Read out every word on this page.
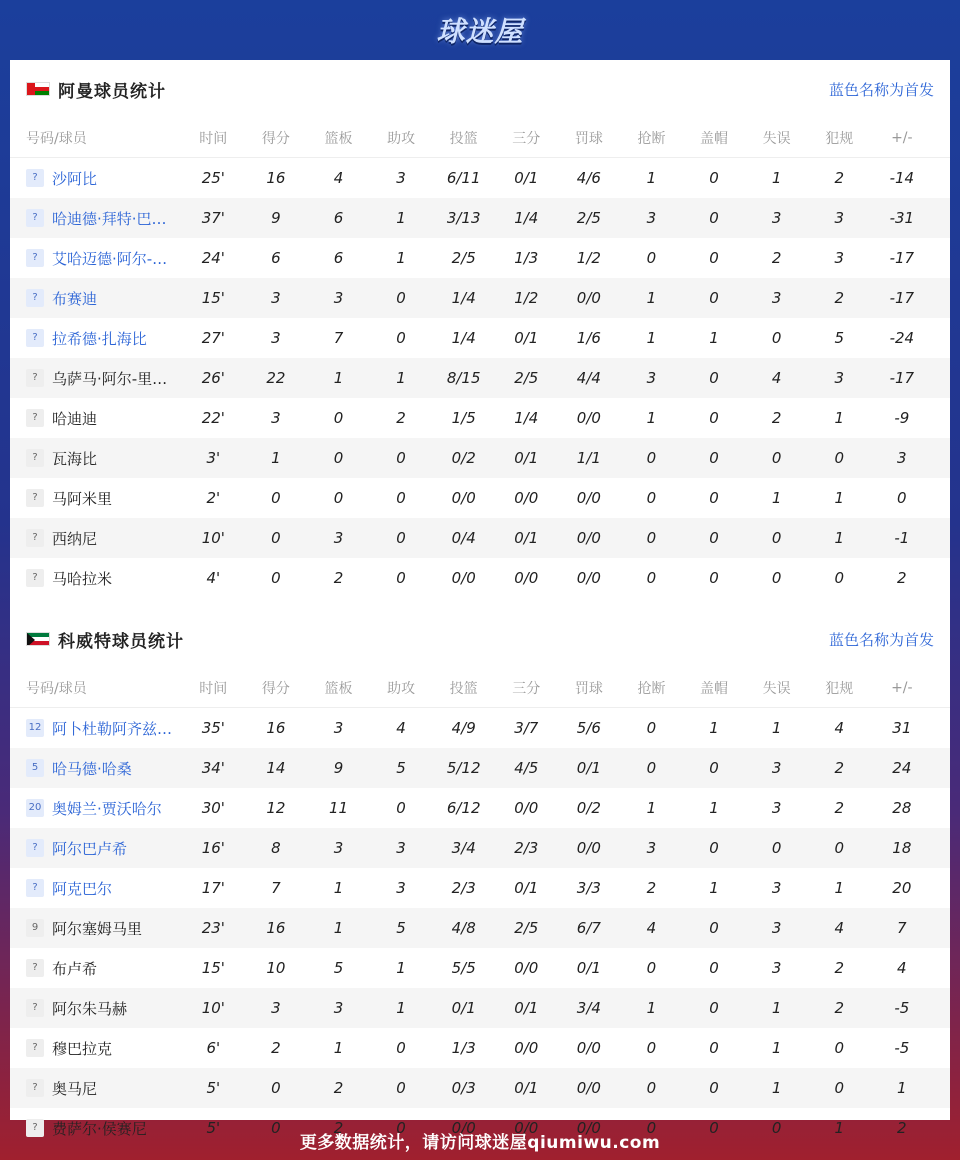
球迷屋
阿曼球员统计	蓝色名称为首发
号码/球员	时间	得分	篮板	助攻	投篮	三分	罚球	抢断	盖帽	失误	犯规	+/-
? 沙阿比	25'	16	4	3	6/11	0/1	4/6	1	0	1	2	-14
? 哈迪德·拜特·巴…	37'	9	6	1	3/13	1/4	2/5	3	0	3	3	-31
? 艾哈迈德·阿尔-…	24'	6	6	1	2/5	1/3	1/2	0	0	2	3	-17
? 布赛迪	15'	3	3	0	1/4	1/2	0/0	1	0	3	2	-17
? 拉希德·扎海比	27'	3	7	0	1/4	0/1	1/6	1	1	0	5	-24
? 乌萨马·阿尔-里…	26'	22	1	1	8/15	2/5	4/4	3	0	4	3	-17
? 哈迪迪	22'	3	0	2	1/5	1/4	0/0	1	0	2	1	-9
? 瓦海比	3'	1	0	0	0/2	0/1	1/1	0	0	0	0	3
? 马阿米里	2'	0	0	0	0/0	0/0	0/0	0	0	1	1	0
? 西纳尼	10'	0	3	0	0/4	0/1	0/0	0	0	0	1	-1
? 马哈拉米	4'	0	2	0	0/0	0/0	0/0	0	0	0	0	2
科威特球员统计	蓝色名称为首发
号码/球员	时间	得分	篮板	助攻	投篮	三分	罚球	抢断	盖帽	失误	犯规	+/-
12 阿卜杜勒阿齐兹…	35'	16	3	4	4/9	3/7	5/6	0	1	1	4	31
5 哈马德·哈桑	34'	14	9	5	5/12	4/5	0/1	0	0	3	2	24
20 奥姆兰·贾沃哈尔	30'	12	11	0	6/12	0/0	0/2	1	1	3	2	28
? 阿尔巴卢希	16'	8	3	3	3/4	2/3	0/0	3	0	0	0	18
? 阿克巴尔	17'	7	1	3	2/3	0/1	3/3	2	1	3	1	20
9 阿尔塞姆马里	23'	16	1	5	4/8	2/5	6/7	4	0	3	4	7
? 布卢希	15'	10	5	1	5/5	0/0	0/1	0	0	3	2	4
? 阿尔朱马赫	10'	3	3	1	0/1	0/1	3/4	1	0	1	2	-5
? 穆巴拉克	6'	2	1	0	1/3	0/0	0/0	0	0	1	0	-5
? 奥马尼	5'	0	2	0	0/3	0/1	0/0	0	0	1	0	1
? 费萨尔·侯赛尼	5'	0	2	0	0/0	0/0	0/0	0	0	0	1	2
更多数据统计，请访问球迷屋qiumiwu.com
